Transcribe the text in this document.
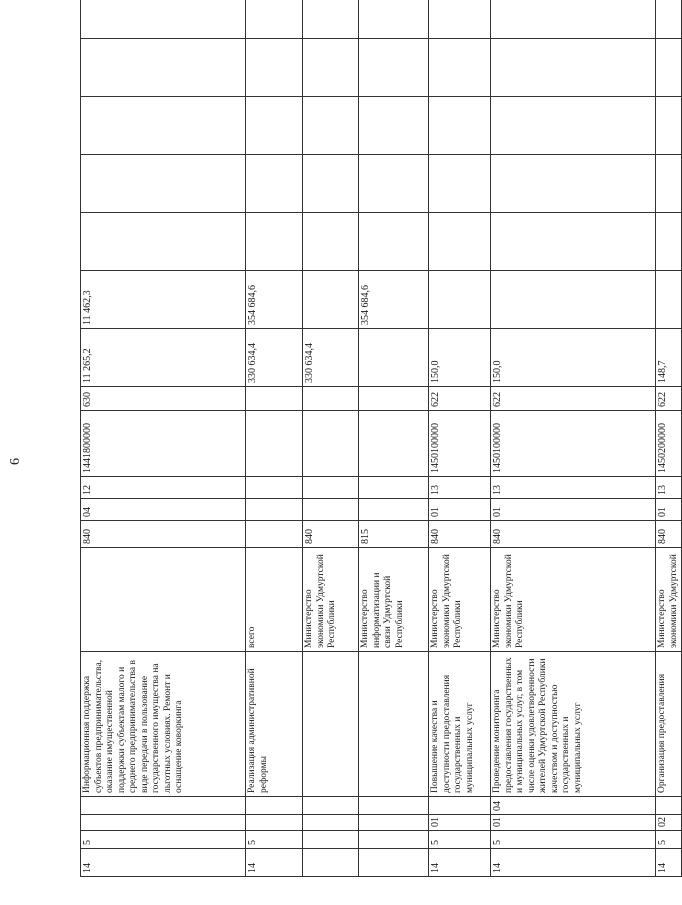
6
14	5			Информационная поддержка субъектов предпринимательства, оказание имущественной поддержки субъектам малого и среднего предпринимательства в виде передачи в пользование государственного имущества на льготных условиях. Ремонт и оснащение коворкинга		840	04	12	1441800000	630	11 265,2	11 462,3					
14	5			Реализация административной реформы	всего						330 634,4	354 684,6					
					Министерство экономики Удмуртской Республики	840					330 634,4						
					Министерство информатизации и связи Удмуртской Республики	815						354 684,6					
14	5	01		Повышение качества и доступности предоставления государственных и муниципальных услуг	Министерство экономики Удмуртской Республики	840	01	13	1450100000	622	150,0						
14	5	01	04	Проведение мониторинга предоставления государственных и муниципальных услуг, в том числе оценки удовлетворенности жителей Удмуртской Республики качеством и доступностью государственных и муниципальных услуг	Министерство экономики Удмуртской Республики	840	01	13	1450100000	622	150,0						
14	5	02		Организация предоставления	Министерство экономики Удмуртской	840	01	13	1450200000	622	148,7						
